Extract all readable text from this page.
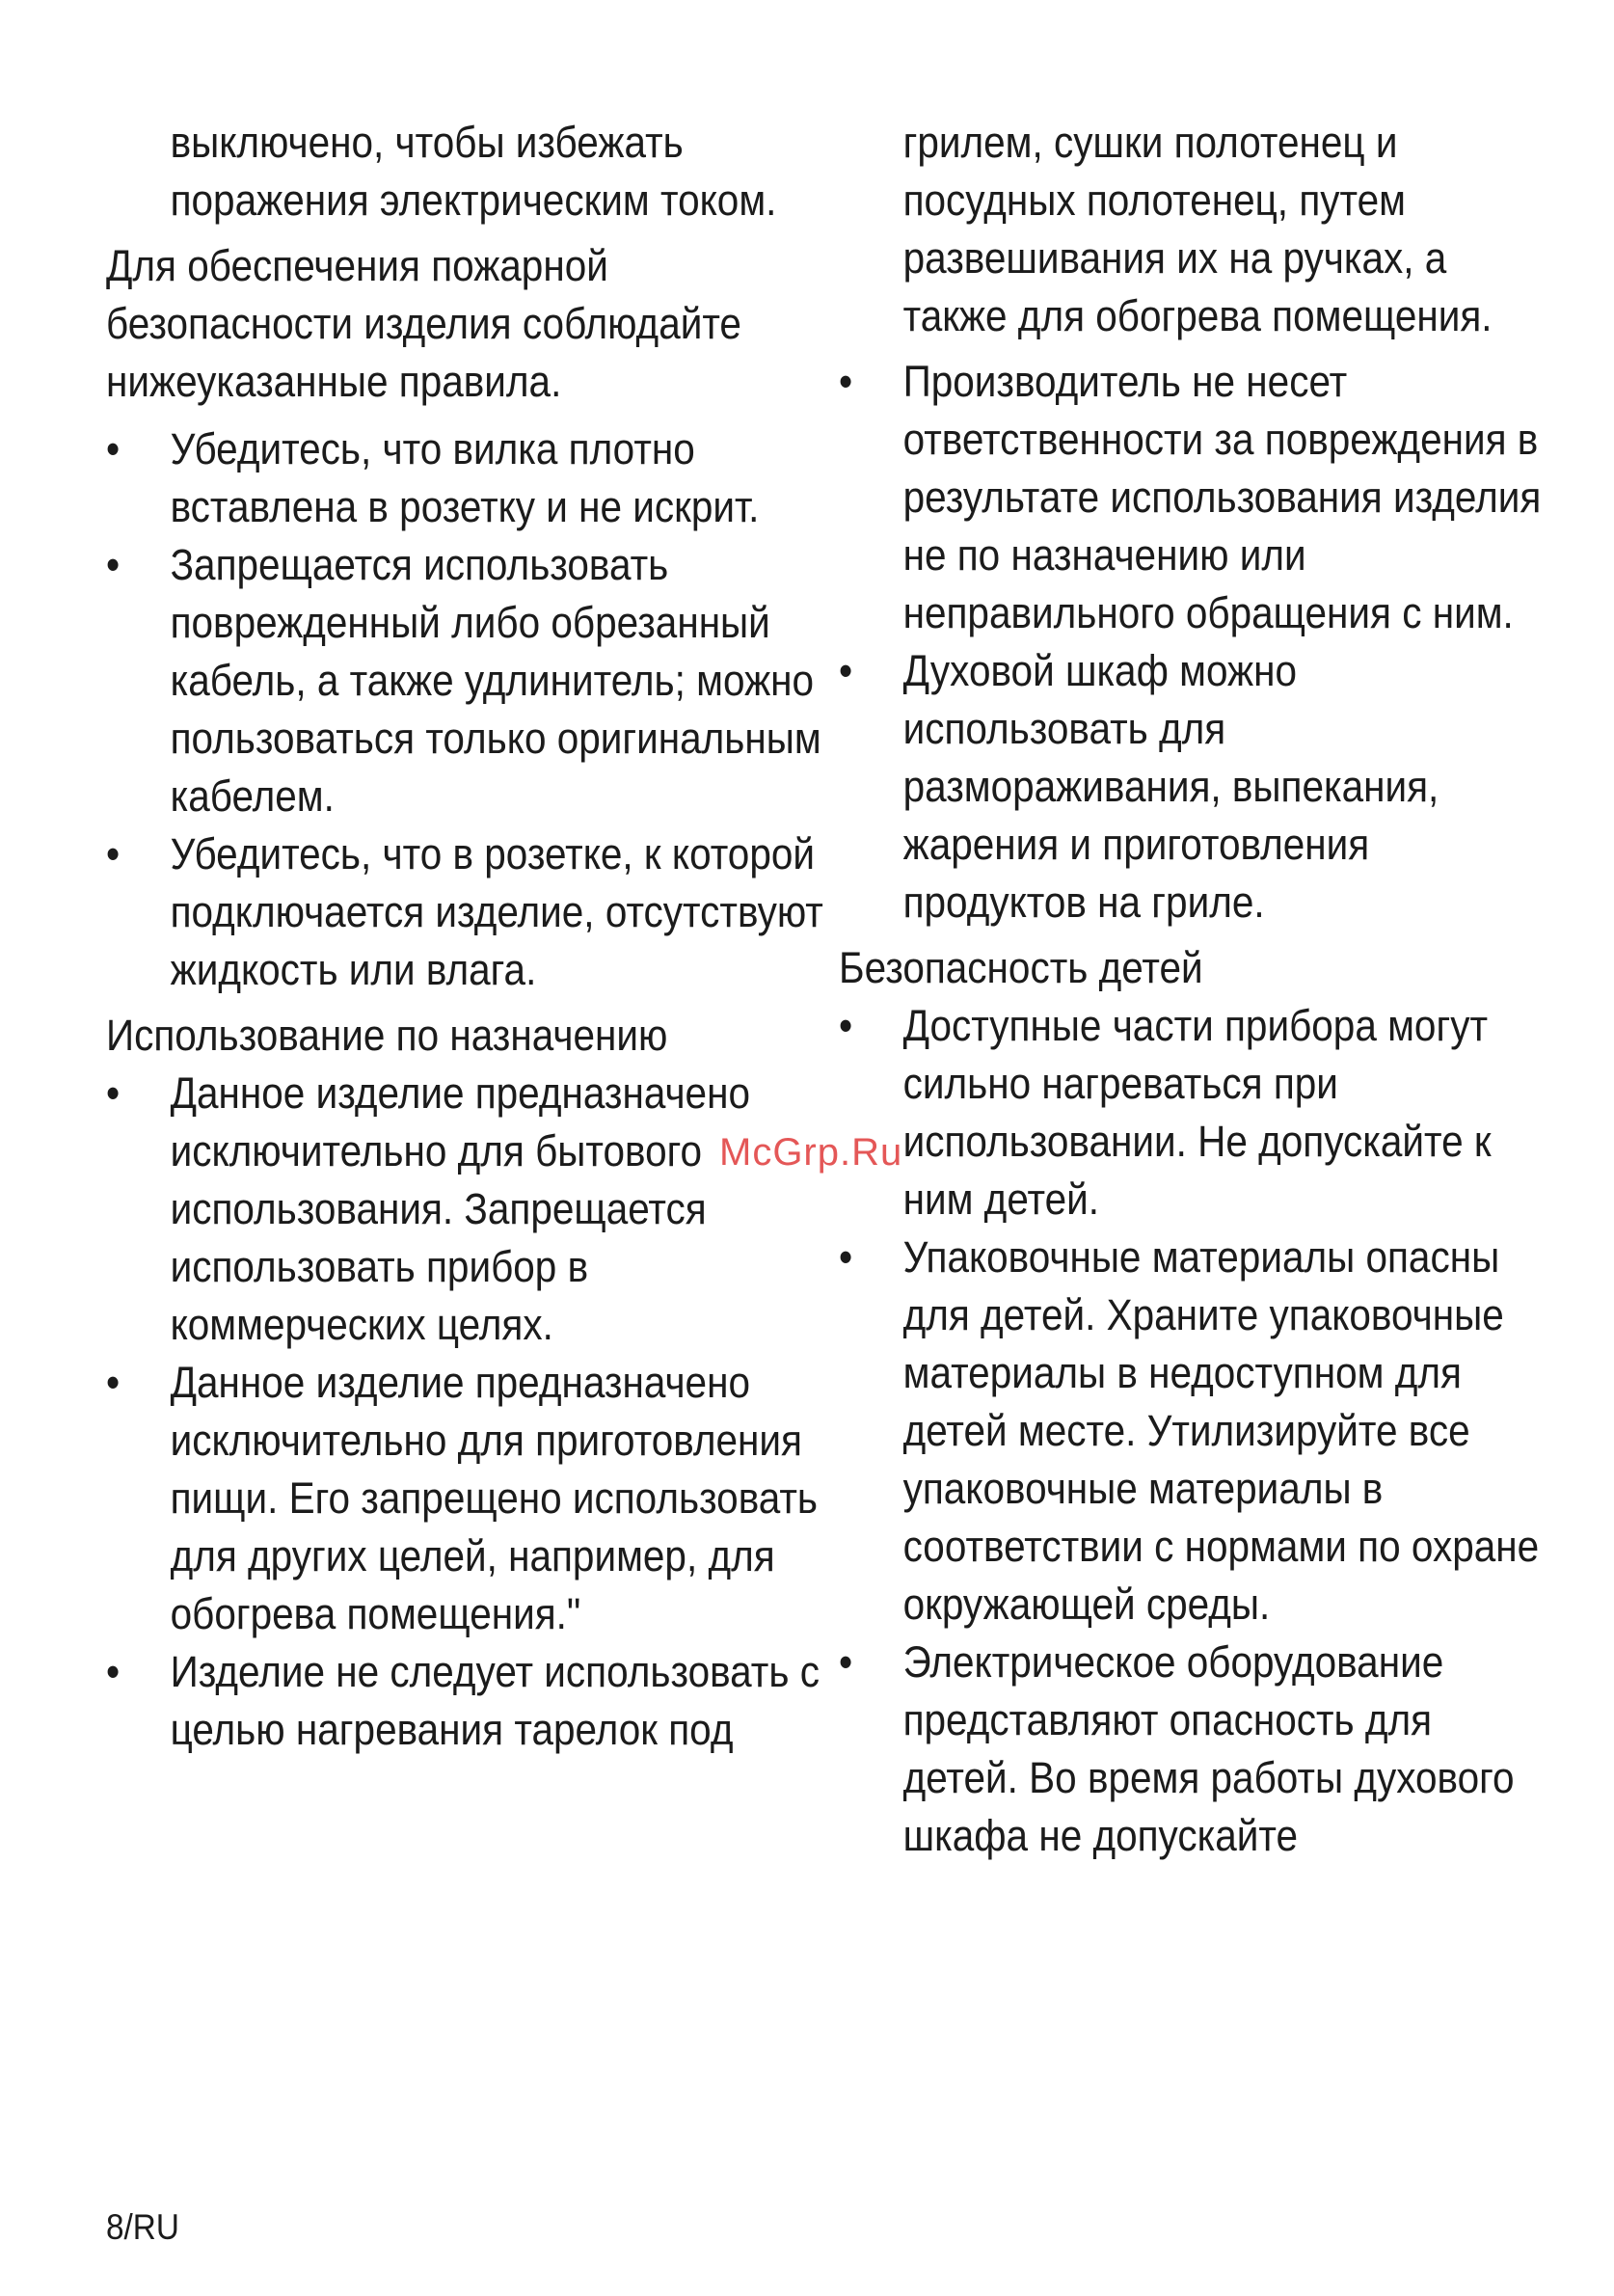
выключено, чтобы избежать поражения электрическим током.
Для обеспечения пожарной безопасности изделия соблюдайте нижеуказанные правила.
• Убедитесь, что вилка плотно вставлена в розетку и не искрит.
• Запрещается использовать поврежденный либо обрезанный кабель, а также удлинитель; можно пользоваться только оригинальным кабелем.
• Убедитесь, что в розетке, к которой подключается изделие, отсутствуют жидкость или влага.
Использование по назначению
• Данное изделие предназначено исключительно для бытового использования. Запрещается использовать прибор в коммерческих целях.
• Данное изделие предназначено исключительно для приготовления пищи. Его запрещено использовать для других целей, например, для обогрева помещения."
• Изделие не следует использовать с целью нагревания тарелок под
грилем, сушки полотенец и посудных полотенец, путем развешивания их на ручках, а также для обогрева помещения.
• Производитель не несет ответственности за повреждения в результате использования изделия не по назначению или неправильного обращения с ним.
• Духовой шкаф можно использовать для размораживания, выпекания, жарения и приготовления продуктов на гриле.
Безопасность детей
• Доступные части прибора могут сильно нагреваться при использовании. Не допускайте к ним детей.
• Упаковочные материалы опасны для детей. Храните упаковочные материалы в недоступном для детей месте. Утилизируйте все упаковочные материалы в соответствии с нормами по охране окружающей среды.
• Электрическое оборудование представляют опасность для детей. Во время работы духового шкафа не допускайте
McGrp.Ru
8/RU
